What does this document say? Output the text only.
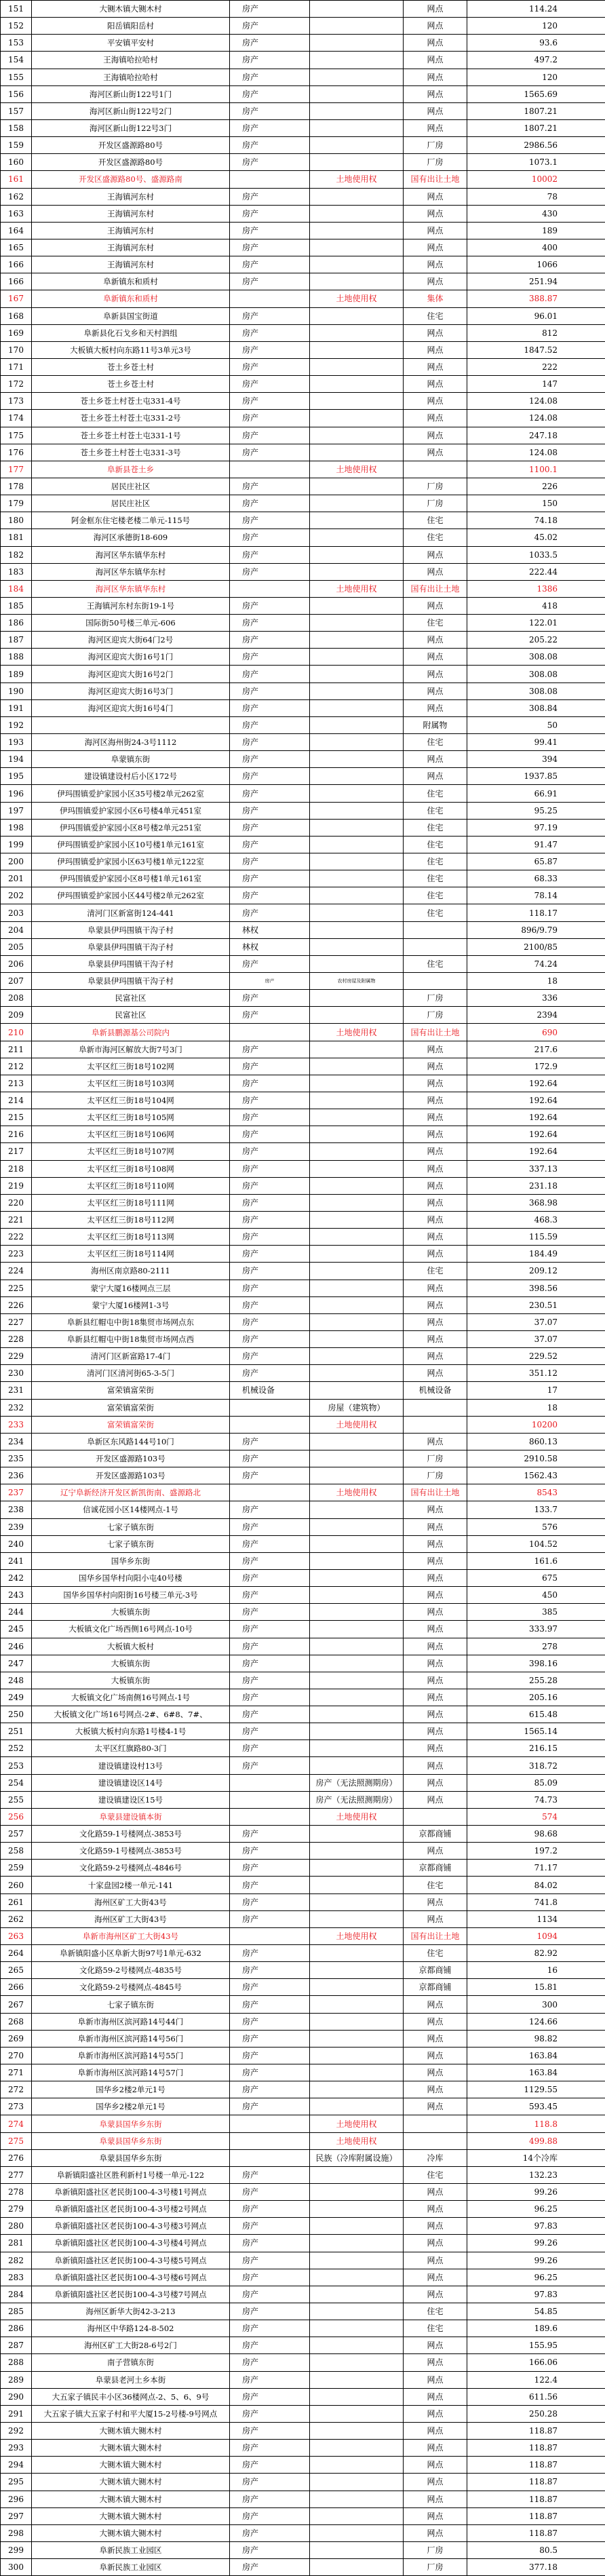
151	大铡木镇大铡木村	房产		网点	114.24
152	阳岳镇阳岳村	房产		网点	120
153	平安镇平安村	房产		网点	93.6
154	王海镇哈拉哈村	房产		网点	497.2
155	王海镇哈拉哈村	房产		网点	120
156	海河区新山街122号1门	房产		网点	1565.69
157	海河区新山街122号2门	房产		网点	1807.21
158	海河区新山街122号3门	房产		网点	1807.21
159	开发区盛源路80号	房产		厂房	2986.56
160	开发区盛源路80号	房产		厂房	1073.1
161	开发区盛源路80号、盛源路南		土地使用权	国有出让土地	10002
162	王海镇河东村	房产		网点	78
163	王海镇河东村	房产		网点	430
164	王海镇河东村	房产		网点	189
165	王海镇河东村	房产		网点	400
166	王海镇河东村	房产		网点	1066
166	阜新镇东和质村	房产		网点	251.94
167	阜新镇东和质村		土地使用权	集体	388.87
168	阜新县国宝街道	房产		住宅	96.01
169	阜新县化石戈乡和天村泗组	房产		网点	812
170	大板镇大板村向东路11号3单元3号	房产		网点	1847.52
171	苍土乡苍土村	房产		网点	222
172	苍土乡苍土村	房产		网点	147
173	苍土乡苍土村苍土屯331-4号	房产		网点	124.08
174	苍土乡苍土村苍土屯331-2号	房产		网点	124.08
175	苍土乡苍土村苍土屯331-1号	房产		网点	247.18
176	苍土乡苍土村苍土屯331-3号	房产		网点	124.08
177	阜新县苍土乡		土地使用权		1100.1
178	居民庄社区	房产		厂房	226
179	居民庄社区	房产		厂房	150
180	阿金框东住宅楼老楼二单元-115号	房产		住宅	74.18
181	海河区承德街18-609	房产		住宅	45.02
182	海河区华东镇华东村	房产		网点	1033.5
183	海河区华东镇华东村	房产		网点	222.44
184	海河区华东镇华东村		土地使用权	国有出让土地	1386
185	王海镇河东村东街19-1号	房产		网点	418
186	国际街50号楼三单元-606	房产		住宅	122.01
187	海河区迎宾大街64门2号	房产		网点	205.22
188	海河区迎宾大街16号1门	房产		网点	308.08
189	海河区迎宾大街16号2门	房产		网点	308.08
190	海河区迎宾大街16号3门	房产		网点	308.08
191	海河区迎宾大街16号4门	房产		网点	308.84
192		房产		附属物	50
193	海河区海州街24-3号1112	房产		住宅	99.41
194	阜蒙镇东街	房产		网点	394
195	建设镇建设村后小区172号	房产		网点	1937.85
196	伊玛围镇爱护家园小区35号楼2单元262室	房产		住宅	66.91
197	伊玛围镇爱护家园小区6号楼4单元451室	房产		住宅	95.25
198	伊玛围镇爱护家园小区8号楼2单元251室	房产		住宅	97.19
199	伊玛围镇爱护家园小区10号楼1单元161室	房产		住宅	91.47
200	伊玛围镇爱护家园小区63号楼1单元122室	房产		住宅	65.87
201	伊玛围镇爱护家园小区8号楼1单元161室	房产		住宅	68.33
202	伊玛围镇爱护家园小区44号楼2单元262室	房产		住宅	78.14
203	清河门区新富街124-441	房产		住宅	118.17
204	阜蒙县伊玛围镇干沟子村	林权			896/9.79
205	阜蒙县伊玛围镇干沟子村	林权			2100/85
206	阜蒙县伊玛围镇干沟子村	房产		住宅	74.24
207	阜蒙县伊玛围镇干沟子村	房产	农村房屋及附属物		18
208	民富社区	房产		厂房	336
209	民富社区	房产		厂房	2394
210	阜新县鹏源基公司院内		土地使用权	国有出让土地	690
211	阜新市海河区解放大街7号3门	房产		网点	217.6
212	太平区红三街18号102网	房产		网点	172.9
213	太平区红三街18号103网	房产		网点	192.64
214	太平区红三街18号104网	房产		网点	192.64
215	太平区红三街18号105网	房产		网点	192.64
216	太平区红三街18号106网	房产		网点	192.64
217	太平区红三街18号107网	房产		网点	192.64
218	太平区红三街18号108网	房产		网点	337.13
219	太平区红三街18号110网	房产		网点	231.18
220	太平区红三街18号111网	房产		网点	368.98
221	太平区红三街18号112网	房产		网点	468.3
222	太平区红三街18号113网	房产		网点	115.59
223	太平区红三街18号114网	房产		网点	184.49
224	海州区南京路80-2111	房产		住宅	209.12
225	蒙宁大厦16楼网点三层	房产		网点	398.56
226	蒙宁大厦16楼网1-3号	房产		网点	230.51
227	阜新县红帽屯中街18集贸市场网点东	房产		网点	37.07
228	阜新县红帽屯中街18集贸市场网点西	房产		网点	37.07
229	清河门区新富路17-4门	房产		网点	229.52
230	清河门区清河街65-3-5门	房产		网点	351.12
231	富荣镇富荣街	机械设备		机械设备	17
232	富荣镇富荣街		房屋（建筑物）		18
233	富荣镇富荣街		土地使用权		10200
234	阜新区东风路144号10门	房产		网点	860.13
235	开发区盛源路103号	房产		厂房	2910.58
236	开发区盛源路103号	房产		厂房	1562.43
237	辽宁阜新经济开发区新凯街南、盛源路北		土地使用权	国有出让土地	8543
238	信诚花园小区14楼网点-1号	房产		网点	133.7
239	七家子镇东街	房产		网点	576
240	七家子镇东街	房产		网点	104.52
241	国华乡东街	房产		网点	161.6
242	国华乡国华村向阳小屯40号楼	房产		网点	675
243	国华乡国华村向阳街16号楼三单元-3号	房产		网点	450
244	大板镇东街	房产		网点	385
245	大板镇文化广场西侧16号网点-10号	房产		网点	333.97
246	大板镇大板村	房产		网点	278
247	大板镇东街	房产		网点	398.16
248	大板镇东街	房产		网点	255.28
249	大板镇文化广场南侧16号网点-1号	房产		网点	205.16
250	大板镇文化广场16号网点-2#、6#8、7#、	房产		网点	615.48
251	大板镇大板村向东路1号楼4-1号	房产		网点	1565.14
252	太平区红旗路80-3门	房产		网点	216.15
253	建设镇建设村13号	房产		网点	318.72
254	建设镇建设区14号		房产（无法照测期房）	网点	85.09
255	建设镇建设区15号		房产（无法照测期房）	网点	74.73
256	阜蒙县建设镇本街		土地使用权		574
257	文化路59-1号楼网点-3853号	房产		京都商铺	98.68
258	文化路59-1号楼网点-3853号	房产		网点	197.2
259	文化路59-2号楼网点-4846号	房产		京都商铺	71.17
260	十家盘园2楼一单元-141	房产		住宅	84.02
261	海州区矿工大街43号	房产		网点	741.8
262	海州区矿工大街43号	房产		网点	1134
263	阜新市海州区矿工大街43号		土地使用权	国有出让土地	1094
264	阜新镇阳盛小区阜新大街97号1单元-632	房产		住宅	82.92
265	文化路59-2号楼网点-4835号	房产		京都商铺	16
266	文化路59-2号楼网点-4845号	房产		京都商铺	15.81
267	七家子镇东街	房产		网点	300
268	阜新市海州区滨河路14号44门	房产		网点	124.66
269	阜新市海州区滨河路14号56门	房产		网点	98.82
270	阜新市海州区滨河路14号55门	房产		网点	163.84
271	阜新市海州区滨河路14号57门	房产		网点	163.84
272	国华乡2楼2单元1号	房产		网点	1129.55
273	国华乡2楼2单元1号	房产		网点	593.45
274	阜蒙县国华乡东街		土地使用权		118.8
275	阜蒙县国华乡东街		土地使用权		499.88
276	阜蒙县国华乡东街		民族（冷库附属设施）	冷库	14个冷库
277	阜新镇阳盛社区胜利新村1号楼一单元-122	房产		住宅	132.23
278	阜新镇阳盛社区老民街100-4-3号楼1号网点	房产		网点	99.26
279	阜新镇阳盛社区老民街100-4-3号楼2号网点	房产		网点	96.25
280	阜新镇阳盛社区老民街100-4-3号楼3号网点	房产		网点	97.83
281	阜新镇阳盛社区老民街100-4-3号楼4号网点	房产		网点	99.26
282	阜新镇阳盛社区老民街100-4-3号楼5号网点	房产		网点	99.26
283	阜新镇阳盛社区老民街100-4-3号楼6号网点	房产		网点	96.25
284	阜新镇阳盛社区老民街100-4-3号楼7号网点	房产		网点	97.83
285	海州区新华大街42-3-213	房产		住宅	54.85
286	海州区中华路124-8-502	房产		住宅	189.6
287	海州区矿工大街28-6号2门	房产		网点	155.95
288	南子营镇东街	房产		网点	166.06
289	阜蒙县老河土乡本街	房产		网点	122.4
290	大五家子镇民丰小区36楼网点-2、5、6、9号	房产		网点	611.56
291	大五家子镇大五家子村和平大厦15-2号楼-9号网点	房产		网点	250.28
292	大铡木镇大铡木村	房产		网点	118.87
293	大铡木镇大铡木村	房产		网点	118.87
294	大铡木镇大铡木村	房产		网点	118.87
295	大铡木镇大铡木村	房产		网点	118.87
296	大铡木镇大铡木村	房产		网点	118.87
297	大铡木镇大铡木村	房产		网点	118.87
298	大铡木镇大铡木村	房产		网点	118.87
299	阜新民族工业园区	房产		厂房	80.5
300	阜新民族工业园区	房产		厂房	377.18
